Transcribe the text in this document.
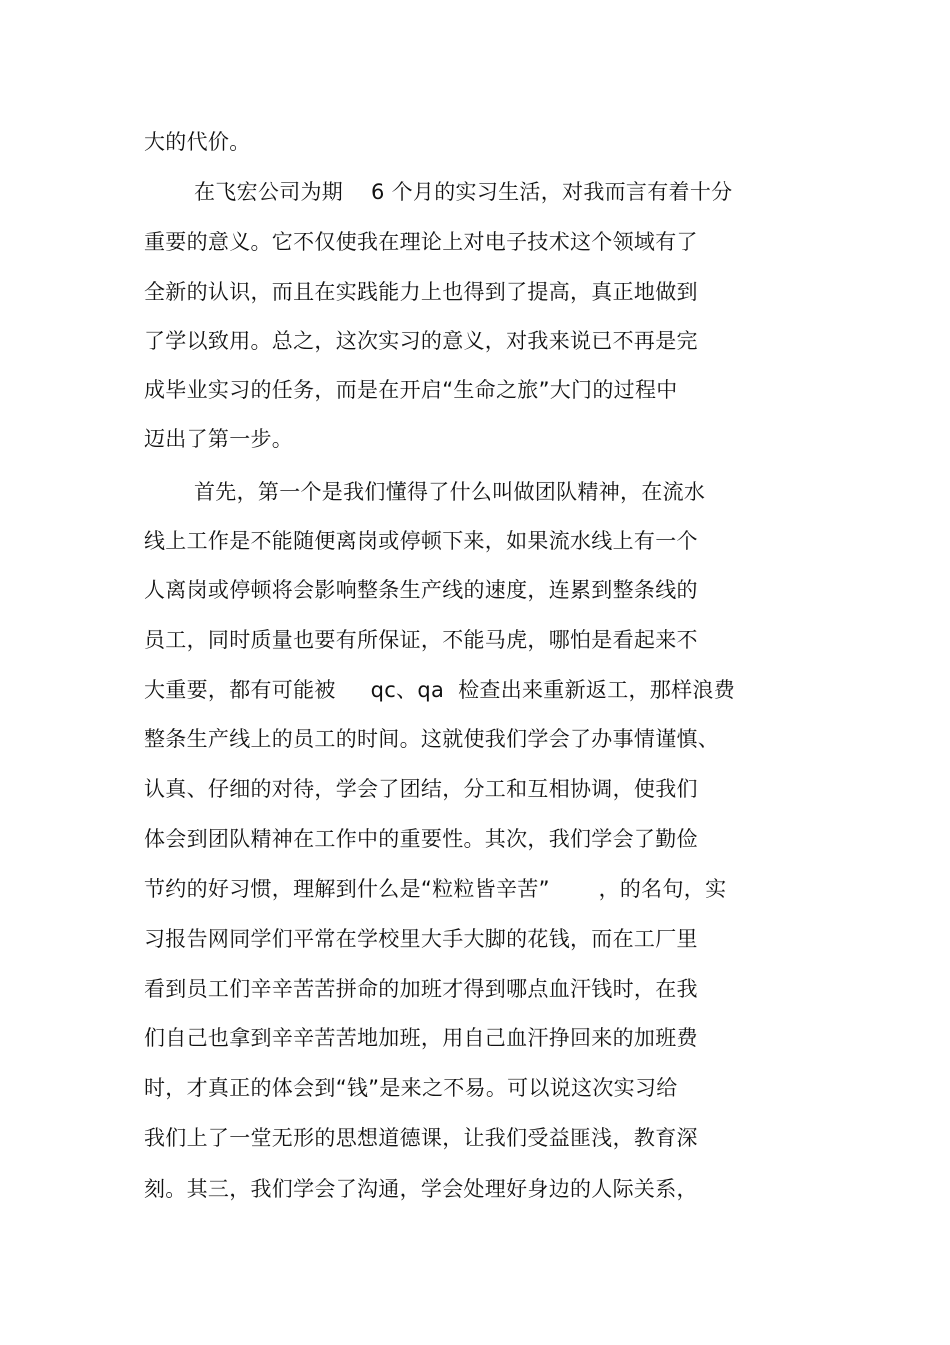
大的代价。
在飞宏公司为期    6 个月的实习生活，对我而言有着十分
重要的意义。它不仅使我在理论上对电子技术这个领域有了
全新的认识，而且在实践能力上也得到了提高，真正地做到
了学以致用。总之，这次实习的意义，对我来说已不再是完
成毕业实习的任务，而是在开启“生命之旅”大门的过程中
迈出了第一步。
首先，第一个是我们懂得了什么叫做团队精神，在流水
线上工作是不能随便离岗或停顿下来，如果流水线上有一个
人离岗或停顿将会影响整条生产线的速度，连累到整条线的
员工，同时质量也要有所保证，不能马虎，哪怕是看起来不
大重要，都有可能被     qc、qa  检查出来重新返工，那样浪费
整条生产线上的员工的时间。这就使我们学会了办事情谨慎、
认真、仔细的对待，学会了团结，分工和互相协调，使我们
体会到团队精神在工作中的重要性。其次，我们学会了勤俭
节约的好习惯，理解到什么是“粒粒皆辛苦”       ，的名句，实
习报告网同学们平常在学校里大手大脚的花钱，而在工厂里
看到员工们辛辛苦苦拼命的加班才得到哪点血汗钱时，在我
们自己也拿到辛辛苦苦地加班，用自己血汗挣回来的加班费
时，才真正的体会到“钱”是来之不易。可以说这次实习给
我们上了一堂无形的思想道德课，让我们受益匪浅，教育深
刻。其三，我们学会了沟通，学会处理好身边的人际关系，
